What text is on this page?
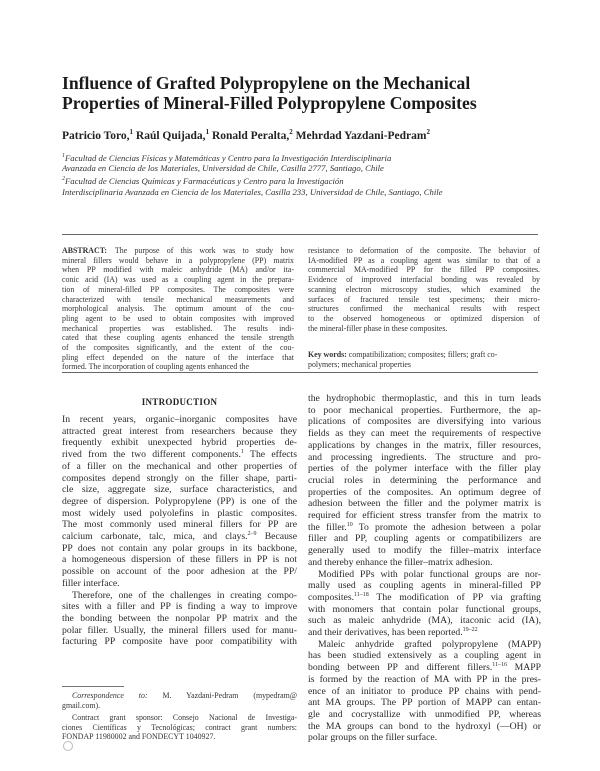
Influence of Grafted Polypropylene on the Mechanical
Properties of Mineral-Filled Polypropylene Composites
Patricio Toro,$^1$ Raúl Quijada,$^1$ Ronald Peralta,$^2$ Mehrdad Yazdani-Pedram$^2$
$^1$Facultad de Ciencias Físicas y Matemáticas y Centro para la Investigación Interdisciplinaria
Avanzada en Ciencia de los Materiales, Universidad de Chile, Casilla 2777, Santiago, Chile
$^2$Facultad de Ciencias Químicas y Farmacéuticas y Centro para la Investigación
Interdisciplinaria Avanzada en Ciencia de los Materiales, Casilla 233, Universidad de Chile, Santiago, Chile
ABSTRACT:  The purpose of this work was to study how
mineral fillers would behave in a polypropylene (PP) matrix
when PP modified with maleic anhydride (MA) and/or ita-
conic acid (IA) was used as a coupling agent in the prepara-
tion of mineral-filled PP composites. The composites were
characterized with tensile mechanical measurements and
morphological analysis. The optimum amount of the cou-
pling agent to be used to obtain composites with improved
mechanical properties was established. The results indi-
cated that these coupling agents enhanced the tensile strength
of the composites significantly, and the extent of the cou-
pling effect depended on the nature of the interface that
formed. The incorporation of coupling agents enhanced the
resistance to deformation of the composite. The behavior of
IA-modified PP as a coupling agent was similar to that of a
commercial MA-modified PP for the filled PP composites.
Evidence of improved interfacial bonding was revealed by
scanning electron microscopy studies, which examined the
surfaces of fractured tensile test specimens; their micro-
structures confirmed the mechanical results with respect
to the observed homogeneous or optimized dispersion of
the mineral-filler phase in these composites.
Key words: compatibilization; composites; fillers; graft co-
polymers; mechanical properties
INTRODUCTION
In recent years, organic–inorganic composites have
attracted great interest from researchers because they
frequently exhibit unexpected hybrid properties de-
rived from the two different components.$^1$ The effects
of a filler on the mechanical and other properties of
composites depend strongly on the filler shape, parti-
cle size, aggregate size, surface characteristics, and
degree of dispersion. Polypropylene (PP) is one of the
most widely used polyolefins in plastic composites.
The most commonly used mineral fillers for PP are
calcium carbonate, talc, mica, and clays.$^{2-9}$ Because
PP does not contain any polar groups in its backbone,
a homogeneous dispersion of these fillers in PP is not
possible on account of the poor adhesion at the PP/
filler interface.
Therefore, one of the challenges in creating compo-
sites with a filler and PP is finding a way to improve
the bonding between the nonpolar PP matrix and the
polar filler. Usually, the mineral fillers used for manu-
facturing PP composite have poor compatibility with
the hydrophobic thermoplastic, and this in turn leads
to poor mechanical properties. Furthermore, the ap-
plications of composites are diversifying into various
fields as they can meet the requirements of respective
applications by changes in the matrix, filler resources,
and processing ingredients. The structure and pro-
perties of the polymer interface with the filler play
crucial roles in determining the performance and
properties of the composites. An optimum degree of
adhesion between the filler and the polymer matrix is
required for efficient stress transfer from the matrix to
the filler.$^{10}$ To promote the adhesion between a polar
filler and PP, coupling agents or compatibilizers are
generally used to modify the filler–matrix interface
and thereby enhance the filler–matrix adhesion.
Modified PPs with polar functional groups are nor-
mally used as coupling agents in mineral-filled PP
composites.$^{11-18}$ The modification of PP via grafting
with monomers that contain polar functional groups,
such as maleic anhydride (MA), itaconic acid (IA),
and their derivatives, has been reported.$^{19-22}$
Maleic anhydride grafted polypropylene (MAPP)
has been studied extensively as a coupling agent in
bonding between PP and different fillers.$^{11-16}$ MAPP
is formed by the reaction of MA with PP in the pres-
ence of an initiator to produce PP chains with pend-
ant MA groups. The PP portion of MAPP can entan-
gle and cocrystallize with unmodified PP, whereas
the MA groups can bond to the hydroxyl (—OH) or
polar groups on the filler surface.
Correspondence to: M. Yazdani-Pedram (mypedram@
gmail.com).
Contract grant sponsor: Consejo Nacional de Investiga-
ciones Científicas y Tecnológicas; contract grant numbers:
FONDAP 11980002 and FONDECYT 1040927.
